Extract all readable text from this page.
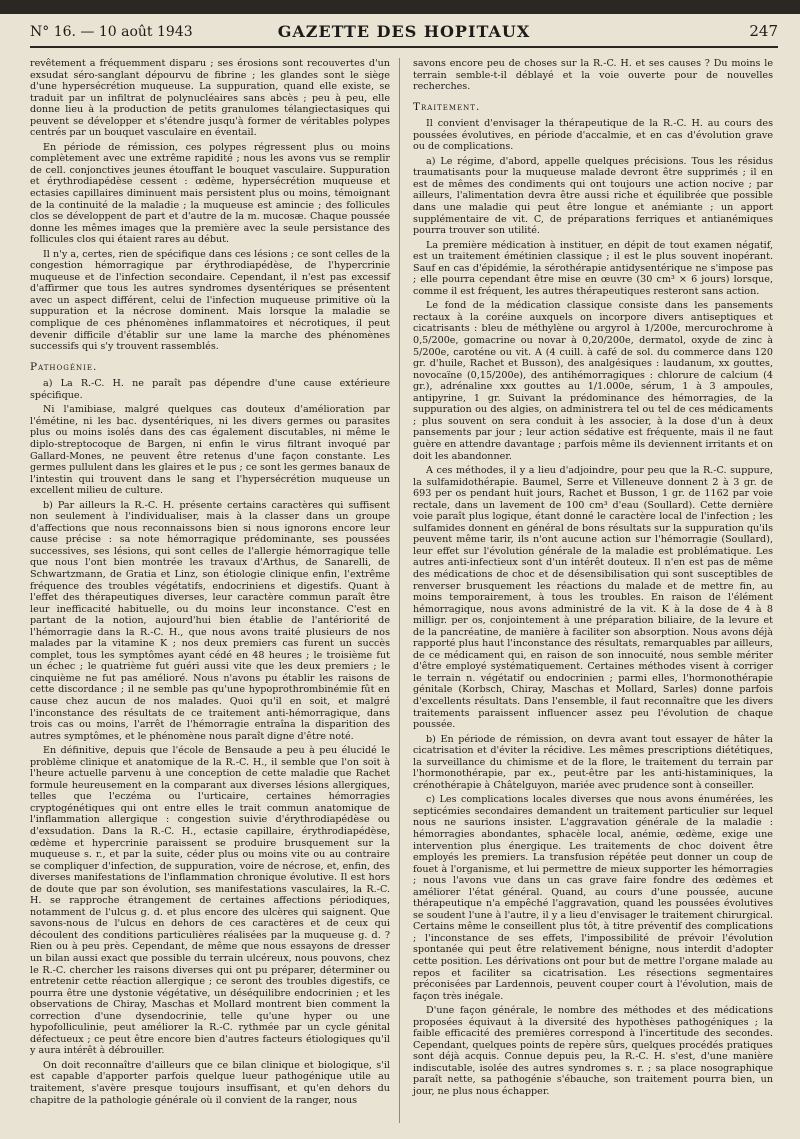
N° 16. — 10 août 1943	GAZETTE DES HOPITAUX	247

revêtement a fréquemment disparu ; ses érosions sont recouvertes d'un exsudat séro-sanglant dépourvu de fibrine ; les glandes sont le siège d'une hypersécrétion muqueuse. La suppuration, quand elle existe, se traduit par un infiltrat de polynucléaires sans abcès ; peu à peu, elle donne lieu à la production de petits granulomes télangiectasiques qui peuvent se développer et s'étendre jusqu'à former de véritables polypes centrés par un bouquet vasculaire en éventail.

En période de rémission, ces polypes régressent plus ou moins complètement avec une extrême rapidité ; nous les avons vus se remplir de cell. conjonctives jeunes étouffant le bouquet vasculaire. Suppuration et érythrodiapédèse cessent : œdème, hypersécrétion muqueuse et ectasies capillaires diminuent mais persistent plus ou moins, témoignant de la continuité de la maladie ; la muqueuse est amincie ; des follicules clos se développent de part et d'autre de la m. mucosæ. Chaque poussée donne les mêmes images que la première avec la seule persistance des follicules clos qui étaient rares au début.

Il n'y a, certes, rien de spécifique dans ces lésions ; ce sont celles de la congestion hémorragique par érythrodiapédèse, de l'hypercrinie muqueuse et de l'infection secondaire. Cependant, il n'est pas excessif d'affirmer que tous les autres syndromes dysentériques se présentent avec un aspect différent, celui de l'infection muqueuse primitive où la suppuration et la nécrose dominent. Mais lorsque la maladie se complique de ces phénomènes inflammatoires et nécrotiques, il peut devenir difficile d'établir sur une lame la marche des phénomènes successifs qui s'y trouvent rassemblés.

Pathogénie.

a) La R.-C. H. ne paraît pas dépendre d'une cause extérieure spécifique.

Ni l'amibiase, malgré quelques cas douteux d'amélioration par l'émétine, ni les bac. dysentériques, ni les divers germes ou parasites plus ou moins isolés dans des cas également discutables, ni même le diplo-streptocoque de Bargen, ni enfin le virus filtrant invoqué par Gallard-Mones, ne peuvent être retenus d'une façon constante. Les germes pullulent dans les glaires et le pus ; ce sont les germes banaux de l'intestin qui trouvent dans le sang et l'hypersécrétion muqueuse un excellent milieu de culture.

b) Par ailleurs la R.-C. H. présente certains caractères qui suffisent non seulement à l'individualiser, mais à la classer dans un groupe d'affections que nous reconnaissons bien si nous ignorons encore leur cause précise : sa note hémorragique prédominante, ses poussées successives, ses lésions, qui sont celles de l'allergie hémorragique telle que nous l'ont bien montrée les travaux d'Arthus, de Sanarelli, de Schwartzmann, de Gratia et Linz, son étiologie clinique enfin, l'extrême fréquence des troubles végétatifs, endocriniens et digestifs. Quant à l'effet des thérapeutiques diverses, leur caractère commun paraît être leur inefficacité habituelle, ou du moins leur inconstance. C'est en partant de la notion, aujourd'hui bien établie de l'antériorité de l'hémorragie dans la R.-C. H., que nous avons traité plusieurs de nos malades par la vitamine K ; nos deux premiers cas furent un succès complet, tous les symptômes ayant cédé en 48 heures ; le troisième fut un échec ; le quatrième fut guéri aussi vite que les deux premiers ; le cinquième ne fut pas amélioré. Nous n'avons pu établir les raisons de cette discordance ; il ne semble pas qu'une hypoprothrombinémie fût en cause chez aucun de nos malades. Quoi qu'il en soit, et malgré l'inconstance des résultats de ce traitement anti-hémorragique, dans trois cas ou moins, l'arrêt de l'hémorragie entraîna la disparition des autres symptômes, et le phénomène nous paraît digne d'être noté.

En définitive, depuis que l'école de Bensaude a peu à peu élucidé le problème clinique et anatomique de la R.-C. H., il semble que l'on soit à l'heure actuelle parvenu à une conception de cette maladie que Rachet formule heureusement en la comparant aux diverses lésions allergiques, telles que l'eczéma ou l'urticaire, certaines hémorragies cryptogénétiques qui ont entre elles le trait commun anatomique de l'inflammation allergique : congestion suivie d'érythrodiapédèse ou d'exsudation. Dans la R.-C. H., ectasie capillaire, érythrodiapédèse, œdème et hypercrinie paraissent se produire brusquement sur la muqueuse s. r., et par la suite, céder plus ou moins vite ou au contraire se compliquer d'infection, de suppuration, voire de nécrose, et, enfin, des diverses manifestations de l'inflammation chronique évolutive. Il est hors de doute que par son évolution, ses manifestations vasculaires, la R.-C. H. se rapproche étrangement de certaines affections périodiques, notamment de l'ulcus g. d. et plus encore des ulcères qui saignent. Que savons-nous de l'ulcus en dehors de ces caractères et de ceux qui découlent des conditions particulières réalisées par la muqueuse g. d. ? Rien ou à peu près. Cependant, de même que nous essayons de dresser un bilan aussi exact que possible du terrain ulcéreux, nous pouvons, chez le R.-C. chercher les raisons diverses qui ont pu préparer, déterminer ou entretenir cette réaction allergique ; ce seront des troubles digestifs, ce pourra être une dystonie végétative, un déséquilibre endocrinien ; et les observations de Chiray, Maschas et Mollard montrent bien comment la correction d'une dysendocrinie, telle qu'une hyper ou une hypofolliculinie, peut améliorer la R.-C. rythmée par un cycle génital défectueux ; ce peut être encore bien d'autres facteurs étiologiques qu'il y aura intérêt à débrouiller.

On doit reconnaître d'ailleurs que ce bilan clinique et biologique, s'il est capable d'apporter parfois quelque lueur pathogénique utile au traitement, s'avère presque toujours insuffisant, et qu'en dehors du chapitre de la pathologie générale où il convient de la ranger, nous

savons encore peu de choses sur la R.-C. H. et ses causes ? Du moins le terrain semble-t-il déblayé et la voie ouverte pour de nouvelles recherches.

Traitement.

Il convient d'envisager la thérapeutique de la R.-C. H. au cours des poussées évolutives, en période d'accalmie, et en cas d'évolution grave ou de complications.

a) Le régime, d'abord, appelle quelques précisions. Tous les résidus traumatisants pour la muqueuse malade devront être supprimés ; il en est de mêmes des condiments qui ont toujours une action nocive ; par ailleurs, l'alimentation devra être aussi riche et équilibrée que possible dans une maladie qui peut être longue et anémiante ; un apport supplémentaire de vit. C, de préparations ferriques et antianémiques pourra trouver son utilité.

La première médication à instituer, en dépit de tout examen négatif, est un traitement émétinien classique ; il est le plus souvent inopérant. Sauf en cas d'épidémie, la sérothérapie antidysentérique ne s'impose pas ; elle pourra cependant être mise en œuvre (30 cm³ × 6 jours) lorsque, comme il est fréquent, les autres thérapeutiques resteront sans action.

Le fond de la médication classique consiste dans les pansements rectaux à la coréine auxquels on incorpore divers antiseptiques et cicatrisants : bleu de méthylène ou argyrol à 1/200e, mercurochrome à 0,5/200e, gomacrine ou novar à 0,20/200e, dermatol, oxyde de zinc à 5/200e, caroténe ou vit. A (4 cuill. à café de sol. du commerce dans 120 gr. d'huile, Rachet et Busson), des analgésiques : laudanum, xx gouttes, novocaïne (0,15/200e), des antihémorragiques : chlorure de calcium (4 gr.), adrénaline xxx gouttes au 1/1.000e, sérum, 1 à 3 ampoules, antipyrine, 1 gr. Suivant la prédominance des hémorragies, de la suppuration ou des algies, on administrera tel ou tel de ces médicaments ; plus souvent on sera conduit à les associer, à la dose d'un à deux pansements par jour ; leur action sédative est fréquente, mais il ne faut guère en attendre davantage ; parfois même ils deviennent irritants et on doit les abandonner.

A ces méthodes, il y a lieu d'adjoindre, pour peu que la R.-C. suppure, la sulfamidothérapie. Baumel, Serre et Villeneuve donnent 2 à 3 gr. de 693 per os pendant huit jours, Rachet et Busson, 1 gr. de 1162 par voie rectale, dans un lavement de 100 cm³ d'eau (Soullard). Cette dernière voie paraît plus logique, étant donné le caractère local de l'infection ; les sulfamides donnent en général de bons résultats sur la suppuration qu'ils peuvent même tarir, ils n'ont aucune action sur l'hémorragie (Soullard), leur effet sur l'évolution générale de la maladie est problématique. Les autres anti-infectieux sont d'un intérêt douteux. Il n'en est pas de même des médications de choc et de désensibilisation qui sont susceptibles de renverser brusquement les réactions du malade et de mettre fin, au moins temporairement, à tous les troubles. En raison de l'élément hémorragique, nous avons administré de la vit. K à la dose de 4 à 8 milligr. per os, conjointement à une préparation biliaire, de la levure et de la pancréatine, de manière à faciliter son absorption. Nous avons déjà rapporté plus haut l'inconstance des résultats, remarquables par ailleurs, de ce médicament qui, en raison de son innocuité, nous semble mériter d'être employé systématiquement. Certaines méthodes visent à corriger le terrain n. végétatif ou endocrinien ; parmi elles, l'hormonothérapie génitale (Korbsch, Chiray, Maschas et Mollard, Sarles) donne parfois d'excellents résultats. Dans l'ensemble, il faut reconnaître que les divers traitements paraissent influencer assez peu l'évolution de chaque poussée.

b) En période de rémission, on devra avant tout essayer de hâter la cicatrisation et d'éviter la récidive. Les mêmes prescriptions diététiques, la surveillance du chimisme et de la flore, le traitement du terrain par l'hormonothérapie, par ex., peut-être par les anti-histaminiques, la crénothérapie à Châtelguyon, mariée avec prudence sont à conseiller.

c) Les complications locales diverses que nous avons énumérées, les septicémies secondaires demandent un traitement particulier sur lequel nous ne saurions insister. L'aggravation générale de la maladie : hémorragies abondantes, sphacèle local, anémie, œdème, exige une intervention plus énergique. Les traitements de choc doivent être employés les premiers. La transfusion répétée peut donner un coup de fouet à l'organisme, et lui permettre de mieux supporter les hémorragies ; nous l'avons vue dans un cas grave faire fondre des œdèmes et améliorer l'état général. Quand, au cours d'une poussée, aucune thérapeutique n'a empêché l'aggravation, quand les poussées évolutives se soudent l'une à l'autre, il y a lieu d'envisager le traitement chirurgical. Certains même le conseillent plus tôt, à titre préventif des complications ; l'inconstance de ses effets, l'impossibilité de prévoir l'évolution spontanée qui peut être relativement bénigne, nous interdit d'adopter cette position. Les dérivations ont pour but de mettre l'organe malade au repos et faciliter sa cicatrisation. Les résections segmentaires préconisées par Lardennois, peuvent couper court à l'évolution, mais de façon très inégale.

D'une façon générale, le nombre des méthodes et des médications proposées équivaut à la diversité des hypothèses pathogéniques ; la faible efficacité des premières correspond à l'incertitude des secondes. Cependant, quelques points de repère sûrs, quelques procédés pratiques sont déjà acquis. Connue depuis peu, la R.-C. H. s'est, d'une manière indiscutable, isolée des autres syndromes s. r. ; sa place nosographique paraît nette, sa pathogénie s'ébauche, son traitement pourra bien, un jour, ne plus nous échapper.
